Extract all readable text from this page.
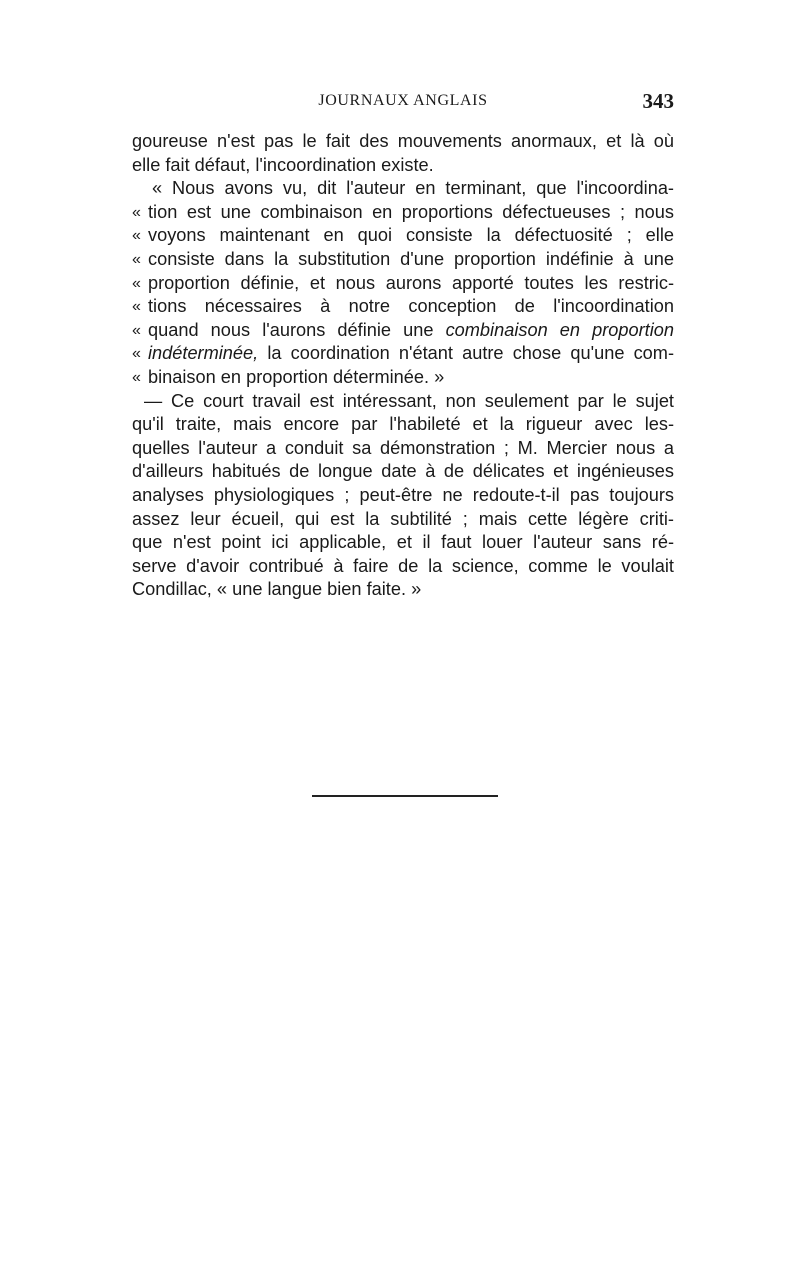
JOURNAUX ANGLAIS	343
goureuse n'est pas le fait des mouvements anormaux, et là où
elle fait défaut, l'incoordination existe.
« Nous avons vu, dit l'auteur en terminant, que l'incoordina-
« tion est une combinaison en proportions défectueuses ; nous
« voyons maintenant en quoi consiste la défectuosité ; elle
« consiste dans la substitution d'une proportion indéfinie à une
« proportion définie, et nous aurons apporté toutes les restric-
« tions nécessaires à notre conception de l'incoordination
« quand nous l'aurons définie une combinaison en proportion
« indéterminée, la coordination n'étant autre chose qu'une com-
« binaison en proportion déterminée. »
— Ce court travail est intéressant, non seulement par le sujet
qu'il traite, mais encore par l'habileté et la rigueur avec les-
quelles l'auteur a conduit sa démonstration ; M. Mercier nous a
d'ailleurs habitués de longue date à de délicates et ingénieuses
analyses physiologiques ; peut-être ne redoute-t-il pas toujours
assez leur écueil, qui est la subtilité ; mais cette légère criti-
que n'est point ici applicable, et il faut louer l'auteur sans ré-
serve d'avoir contribué à faire de la science, comme le voulait
Condillac, « une langue bien faite. »
